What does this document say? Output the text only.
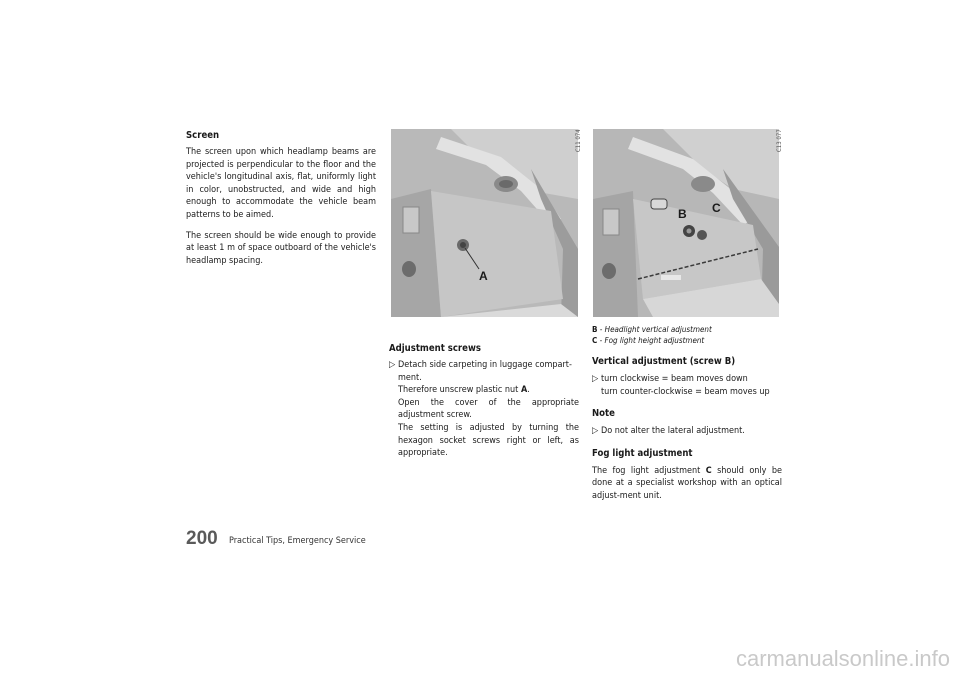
Screen

The screen upon which headlamp beams are projected is perpendicular to the floor and the vehicle's longitudinal axis, flat, uniformly light in color, unobstructed, and wide and high enough to accommodate the vehicle beam patterns to be aimed.

The screen should be wide enough to provide at least 1 m of space outboard of the vehicle's headlamp spacing.

A
C11 074
B C
C13 077
Adjustment screws
▷ Detach side carpeting in luggage compart-
ment.
Therefore unscrew plastic nut A.
Open the cover of the appropriate adjustment screw.
The setting is adjusted by turning the hexagon socket screws right or left, as appropriate.
B - Headlight vertical adjustment
C - Fog light height adjustment
Vertical adjustment (screw B)
▷ turn clockwise = beam moves down
turn counter-clockwise = beam moves up
Note
▷ Do not alter the lateral adjustment.
Fog light adjustment

The fog light adjustment C should only be done at a specialist workshop with an optical adjust-ment unit.

200 Practical Tips, Emergency Service
carmanualsonline.info
